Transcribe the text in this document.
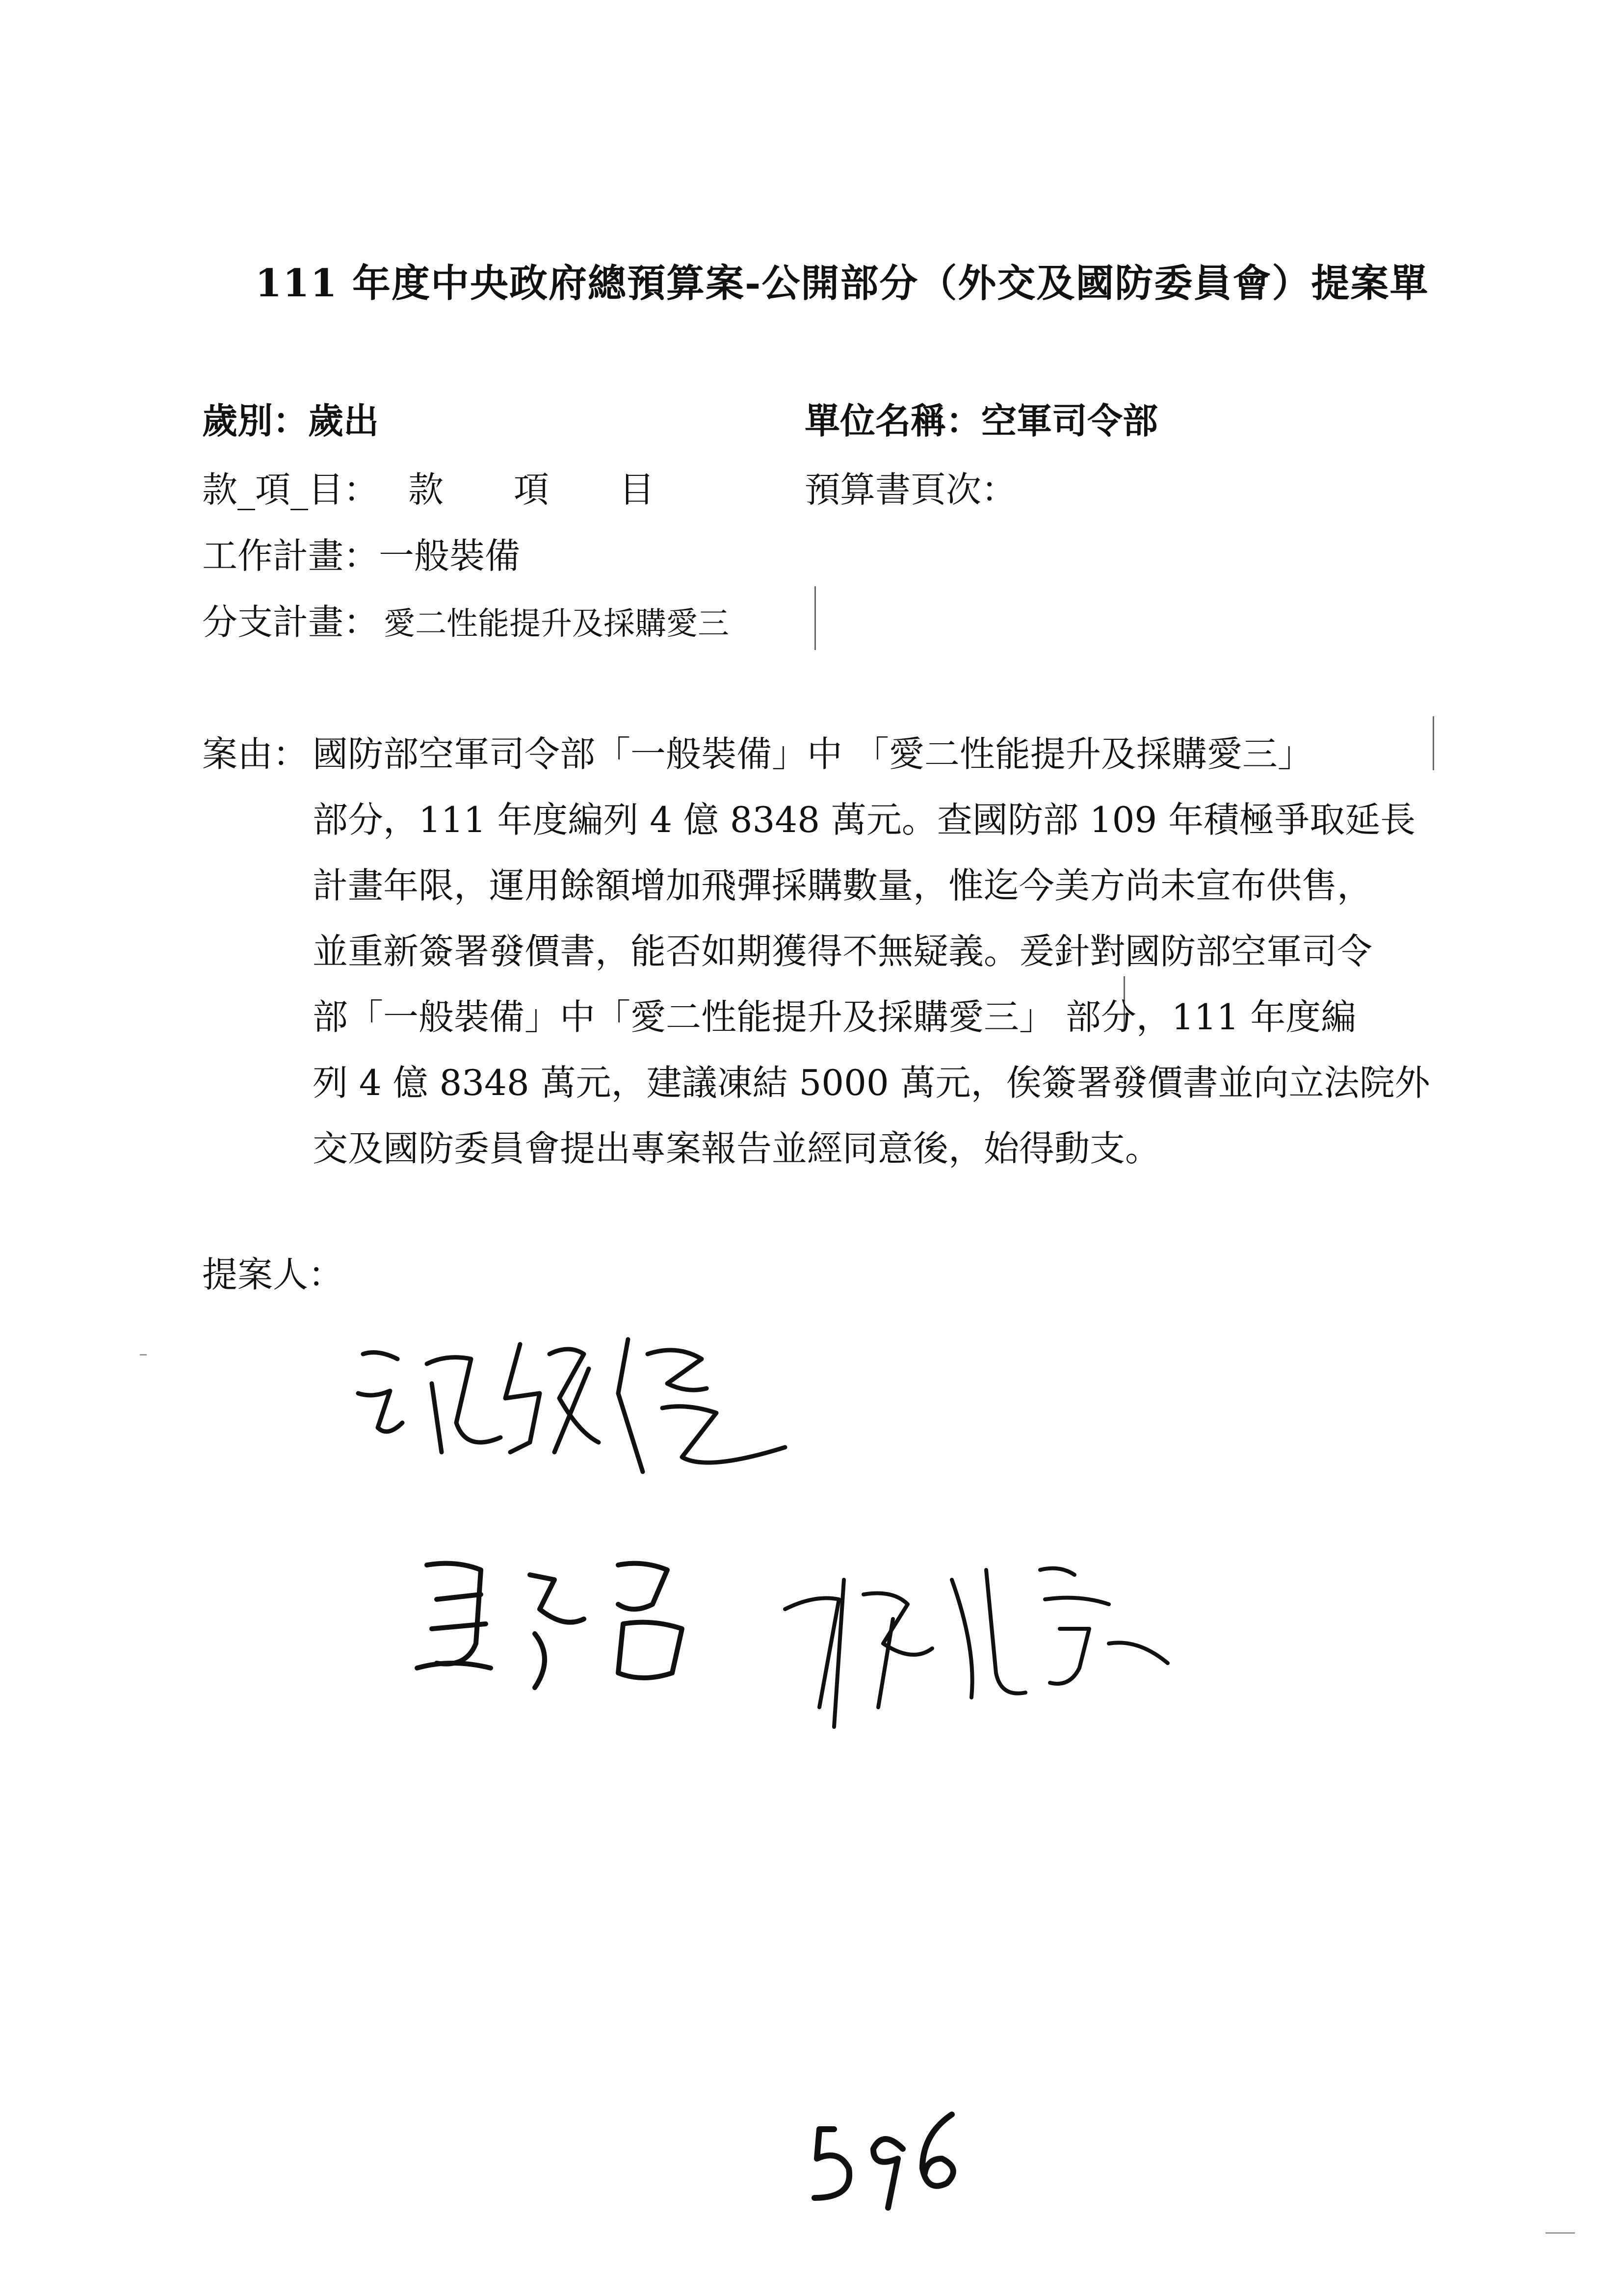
111 年度中央政府總預算案-公開部分（外交及國防委員會）提案單
歲別：歲出	單位名稱：空軍司令部
款_項_目： 款 項 目	預算書頁次：
工作計畫：一般裝備
分支計畫： 愛二性能提升及採購愛三
案由： 國防部空軍司令部「一般裝備」中 「愛二性能提升及採購愛三」
部分，111 年度編列 4 億 8348 萬元。查國防部 109 年積極爭取延長
計畫年限，運用餘額增加飛彈採購數量，惟迄今美方尚未宣布供售，
並重新簽署發價書，能否如期獲得不無疑義。爰針對國防部空軍司令
部「一般裝備」中「愛二性能提升及採購愛三」 部分，111 年度編
列 4 億 8348 萬元，建議凍結 5000 萬元，俟簽署發價書並向立法院外
交及國防委員會提出專案報告並經同意後，始得動支。
提案人：
